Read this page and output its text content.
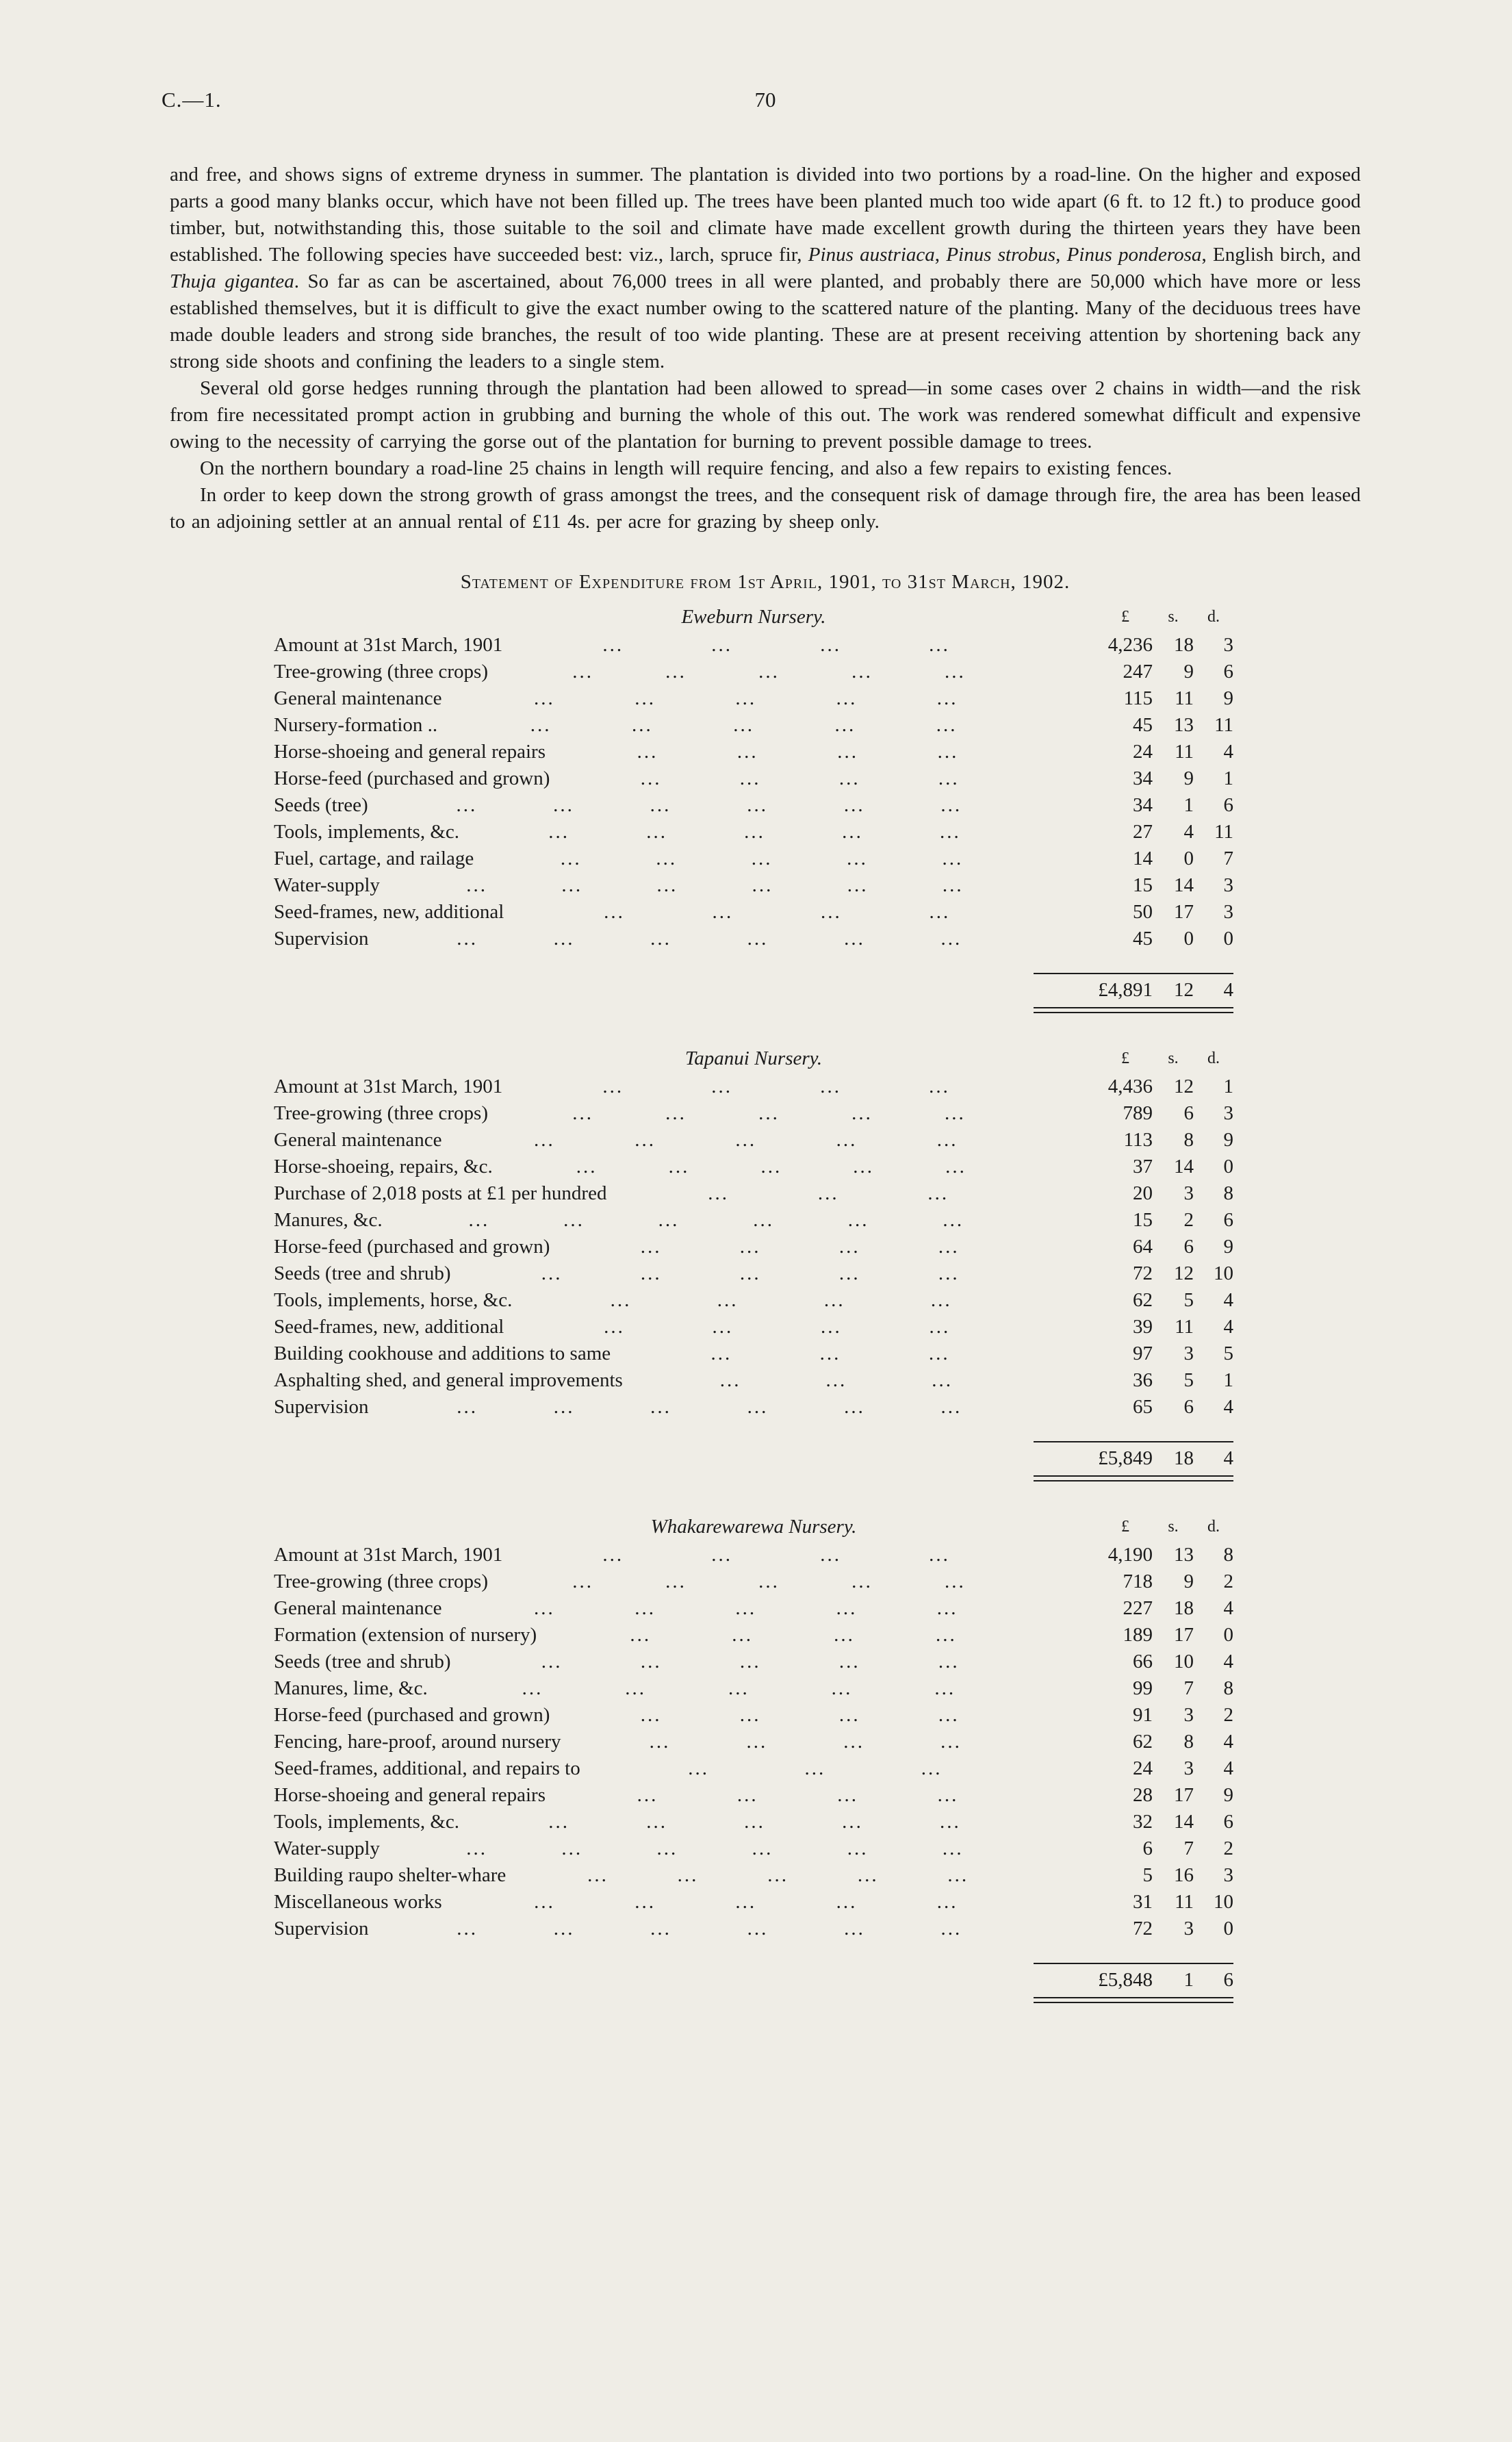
C.—1.	70

and free, and shows signs of extreme dryness in summer. The plantation is divided into two portions by a road-line. On the higher and exposed parts a good many blanks occur, which have not been filled up. The trees have been planted much too wide apart (6 ft. to 12 ft.) to produce good timber, but, notwithstanding this, those suitable to the soil and climate have made excellent growth during the thirteen years they have been established. The following species have succeeded best: viz., larch, spruce fir, Pinus austriaca, Pinus strobus, Pinus ponderosa, English birch, and Thuja gigantea. So far as can be ascertained, about 76,000 trees in all were planted, and probably there are 50,000 which have more or less established themselves, but it is difficult to give the exact number owing to the scattered nature of the planting. Many of the deciduous trees have made double leaders and strong side branches, the result of too wide planting. These are at present receiving attention by shortening back any strong side shoots and confining the leaders to a single stem.

Several old gorse hedges running through the plantation had been allowed to spread—in some cases over 2 chains in width—and the risk from fire necessitated prompt action in grubbing and burning the whole of this out. The work was rendered somewhat difficult and expensive owing to the necessity of carrying the gorse out of the plantation for burning to prevent possible damage to trees.

On the northern boundary a road-line 25 chains in length will require fencing, and also a few repairs to existing fences.

In order to keep down the strong growth of grass amongst the trees, and the consequent risk of damage through fire, the area has been leased to an adjoining settler at an annual rental of £11 4s. per acre for grazing by sheep only.

Statement of Expenditure from 1st April, 1901, to 31st March, 1902.
Eweburn Nursery.	£	s.	d.
Amount at 31st March, 1901	...	...	...	...	4,236	18	3
Tree-growing (three crops)	...	...	...	...	...	247	9	6
General maintenance	...	...	...	...	...	115	11	9
Nursery-formation ..	...	...	...	...	...	45	13	11
Horse-shoeing and general repairs	...	...	...	...	24	11	4
Horse-feed (purchased and grown)	...	...	...	...	34	9	1
Seeds (tree)	...	...	...	...	...	...	34	1	6
Tools, implements, &c.	...	...	...	...	...	27	4	11
Fuel, cartage, and railage	...	...	...	...	...	14	0	7
Water-supply	...	...	...	...	...	...	15	14	3
Seed-frames, new, additional	...	...	...	...	50	17	3
Supervision	...	...	...	...	...	...	45	0	0
£4,891	12	4
Tapanui Nursery.	£	s.	d.
Amount at 31st March, 1901	...	...	...	...	4,436	12	1
Tree-growing (three crops)	...	...	...	...	...	789	6	3
General maintenance	...	...	...	...	...	113	8	9
Horse-shoeing, repairs, &c.	...	...	...	...	...	37	14	0
Purchase of 2,018 posts at £1 per hundred	...	...	...	20	3	8
Manures, &c.	...	...	...	...	...	...	15	2	6
Horse-feed (purchased and grown)	...	...	...	...	64	6	9
Seeds (tree and shrub)	...	...	...	...	...	72	12	10
Tools, implements, horse, &c.	...	...	...	...	62	5	4
Seed-frames, new, additional	...	...	...	...	39	11	4
Building cookhouse and additions to same	...	...	...	97	3	5
Asphalting shed, and general improvements	...	...	...	36	5	1
Supervision	...	...	...	...	...	...	65	6	4
£5,849	18	4
Whakarewarewa Nursery.	£	s.	d.
Amount at 31st March, 1901	...	...	...	...	4,190	13	8
Tree-growing (three crops)	...	...	...	...	...	718	9	2
General maintenance	...	...	...	...	...	227	18	4
Formation (extension of nursery)	...	...	...	...	189	17	0
Seeds (tree and shrub)	...	...	...	...	...	66	10	4
Manures, lime, &c.	...	...	...	...	...	99	7	8
Horse-feed (purchased and grown)	...	...	...	...	91	3	2
Fencing, hare-proof, around nursery	...	...	...	...	62	8	4
Seed-frames, additional, and repairs to	...	...	...	24	3	4
Horse-shoeing and general repairs	...	...	...	...	28	17	9
Tools, implements, &c.	...	...	...	...	...	32	14	6
Water-supply	...	...	...	...	...	...	6	7	2
Building raupo shelter-whare	...	...	...	...	...	5	16	3
Miscellaneous works	...	...	...	...	...	31	11	10
Supervision	...	...	...	...	...	...	72	3	0
£5,848	1	6
